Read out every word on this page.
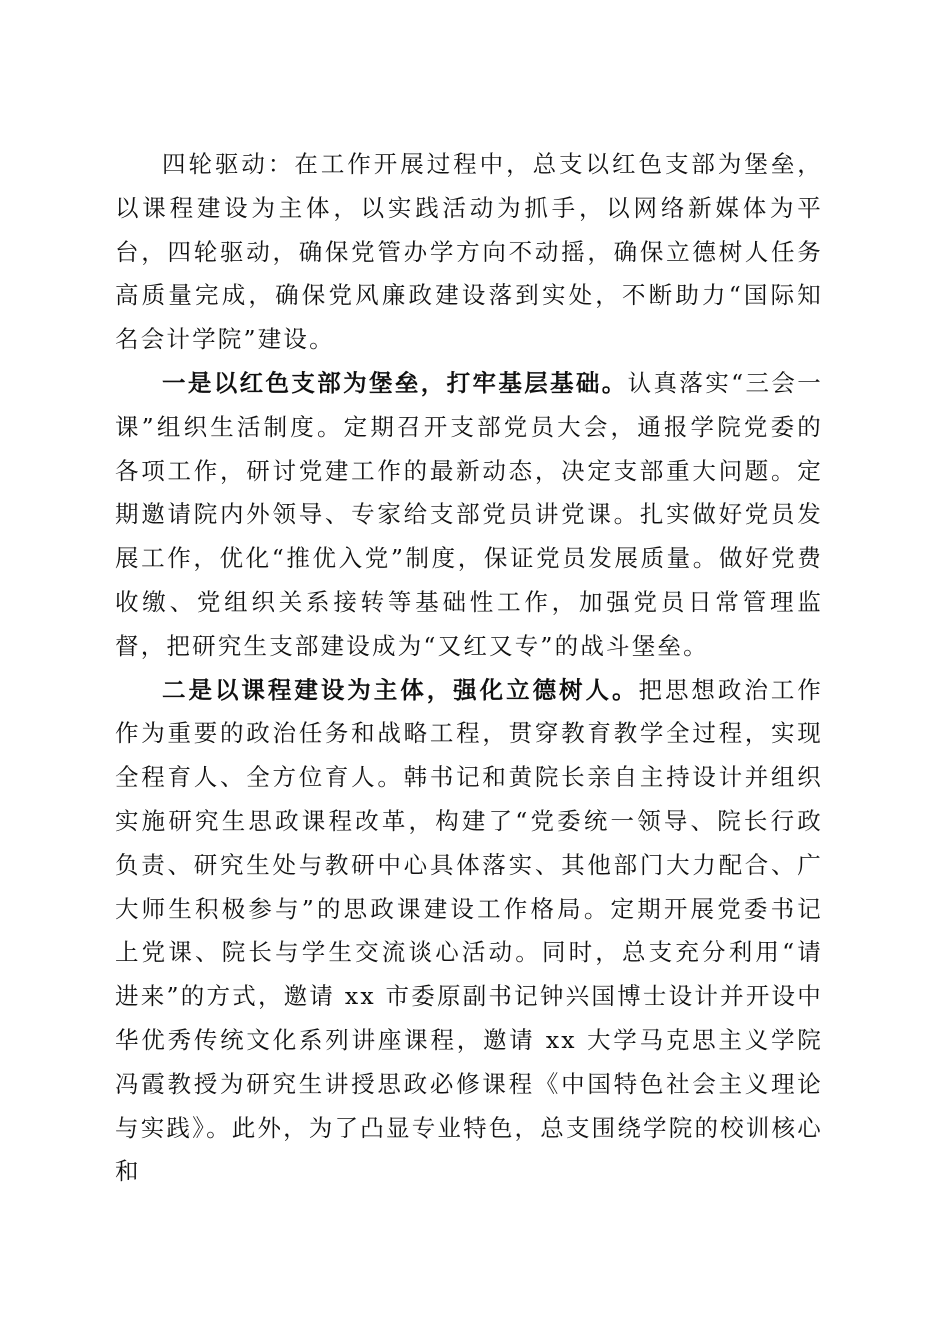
四轮驱动：在工作开展过程中，总支以红色支部为堡垒，以课程建设为主体，以实践活动为抓手，以网络新媒体为平台，四轮驱动，确保党管办学方向不动摇，确保立德树人任务高质量完成，确保党风廉政建设落到实处，不断助力“国际知名会计学院”建设。

一是以红色支部为堡垒，打牢基层基础。认真落实“三会一课”组织生活制度。定期召开支部党员大会，通报学院党委的各项工作，研讨党建工作的最新动态，决定支部重大问题。定期邀请院内外领导、专家给支部党员讲党课。扎实做好党员发展工作，优化“推优入党”制度，保证党员发展质量。做好党费收缴、党组织关系接转等基础性工作，加强党员日常管理监督，把研究生支部建设成为“又红又专”的战斗堡垒。

二是以课程建设为主体，强化立德树人。把思想政治工作作为重要的政治任务和战略工程，贯穿教育教学全过程，实现全程育人、全方位育人。韩书记和黄院长亲自主持设计并组织实施研究生思政课程改革，构建了“党委统一领导、院长行政负责、研究生处与教研中心具体落实、其他部门大力配合、广大师生积极参与”的思政课建设工作格局。定期开展党委书记上党课、院长与学生交流谈心活动。同时，总支充分利用“请进来”的方式，邀请 xx 市委原副书记钟兴国博士设计并开设中华优秀传统文化系列讲座课程，邀请 xx 大学马克思主义学院冯霞教授为研究生讲授思政必修课程《中国特色社会主义理论与实践》。此外，为了凸显专业特色，总支围绕学院的校训核心和
